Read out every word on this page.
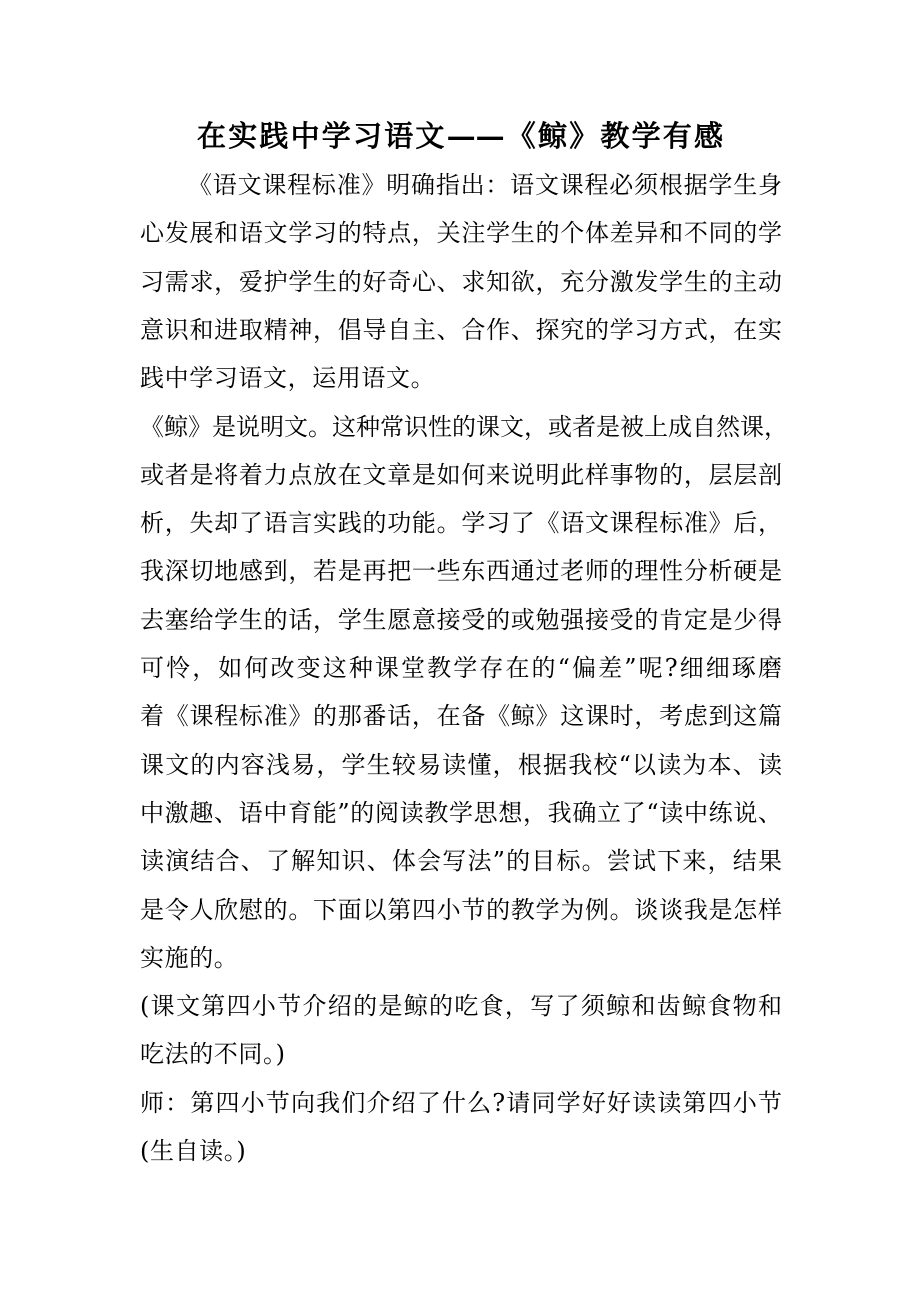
在实践中学习语文——《鲸》教学有感
《语文课程标准》明确指出：语文课程必须根据学生身
心发展和语文学习的特点，关注学生的个体差异和不同的学
习需求，爱护学生的好奇心、求知欲，充分激发学生的主动
意识和进取精神，倡导自主、合作、探究的学习方式，在实
践中学习语文，运用语文。
《鲸》是说明文。这种常识性的课文，或者是被上成自然课，
或者是将着力点放在文章是如何来说明此样事物的，层层剖
析，失却了语言实践的功能。学习了《语文课程标准》后，
我深切地感到，若是再把一些东西通过老师的理性分析硬是
去塞给学生的话，学生愿意接受的或勉强接受的肯定是少得
可怜，如何改变这种课堂教学存在的“偏差”呢?细细琢磨
着《课程标准》的那番话，在备《鲸》这课时，考虑到这篇
课文的内容浅易，学生较易读懂，根据我校“以读为本、读
中激趣、语中育能”的阅读教学思想，我确立了“读中练说、
读演结合、了解知识、体会写法”的目标。尝试下来，结果
是令人欣慰的。下面以第四小节的教学为例。谈谈我是怎样
实施的。
(课文第四小节介绍的是鲸的吃食，写了须鲸和齿鲸食物和
吃法的不同。)
师：第四小节向我们介绍了什么?请同学好好读读第四小节
(生自读。)
